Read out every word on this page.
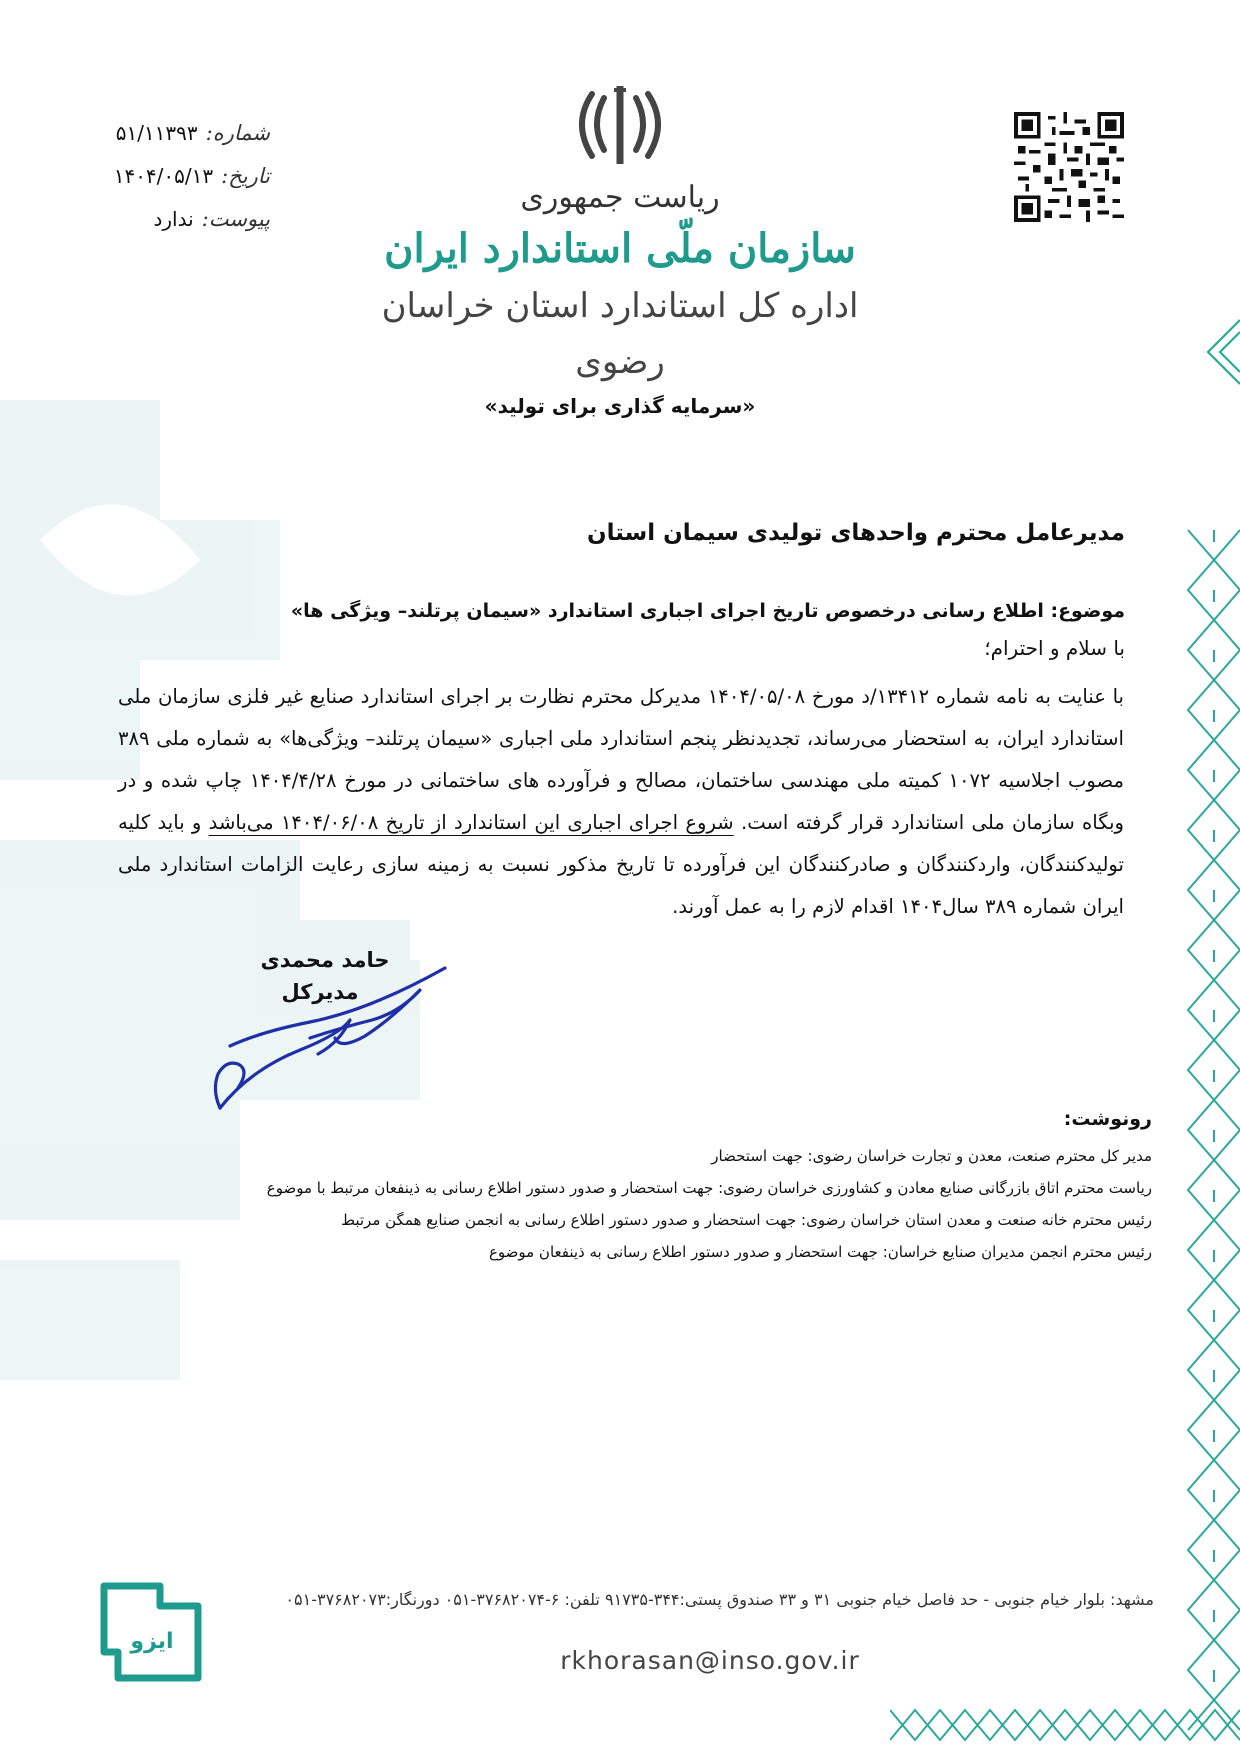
شماره:
۵۱/۱۱۳۹۳
تاریخ:
۱۴۰۴/۰۵/۱۳
پیوست:
ندارد

ریاست جمهوری

سازمان ملّی استاندارد ایران

اداره کل استاندارد استان خراسان رضوی

«سرمایه گذاری برای تولید»
مدیرعامل محترم واحدهای تولیدی سیمان استان
موضوع: اطلاع رسانی درخصوص تاریخ اجرای اجباری استاندارد «سیمان پرتلند– ویژگی ها»
با سلام و احترام؛
با عنایت به نامه شماره ۱۳۴۱۲/د مورخ ۱۴۰۴/۰۵/۰۸ مدیرکل محترم نظارت بر اجرای استاندارد صنایع غیر فلزی سازمان ملی استاندارد ایران، به استحضار می‌رساند، تجدیدنظر پنجم استاندارد ملی اجباری «سیمان پرتلند– ویژگی‌ها» به شماره ملی ۳۸۹ مصوب اجلاسیه ۱۰۷۲ کمیته ملی مهندسی ساختمان، مصالح و فرآورده های ساختمانی در مورخ ۱۴۰۴/۴/۲۸ چاپ شده و در وبگاه سازمان ملی استاندارد قرار گرفته است. شروع اجرای اجباری این استاندارد از تاریخ ۱۴۰۴/۰۶/۰۸ می‌باشد و باید کلیه تولیدکنندگان، واردکنندگان و صادرکنندگان این فرآورده تا تاریخ مذکور نسبت به زمینه سازی رعایت الزامات استاندارد ملی ایران شماره ۳۸۹ سال۱۴۰۴ اقدام لازم را به عمل آورند.
حامد محمدی
مدیرکل
رونوشت:
مدیر کل محترم صنعت، معدن و تجارت خراسان رضوی: جهت استحضار
ریاست محترم اتاق بازرگانی صنایع معادن و کشاورزی خراسان رضوی: جهت استحضار و صدور دستور اطلاع رسانی به ذینفعان مرتبط با موضوع
رئیس محترم خانه صنعت و معدن استان خراسان رضوی: جهت استحضار و صدور دستور اطلاع رسانی به انجمن صنایع همگن مرتبط
رئیس محترم انجمن مدیران صنایع خراسان: جهت استحضار و صدور دستور اطلاع رسانی به ذینفعان موضوع
ایزو
مشهد: بلوار خیام جنوبی - حد فاصل خیام جنوبی ۳۱ و ۳۳ صندوق پستی:۳۴۴-۹۱۷۳۵ تلفن: ۶-۳۷۶۸۲۰۷۴-۰۵۱ دورنگار:۳۷۶۸۲۰۷۳-۰۵۱
rkhorasan@inso.gov.ir
